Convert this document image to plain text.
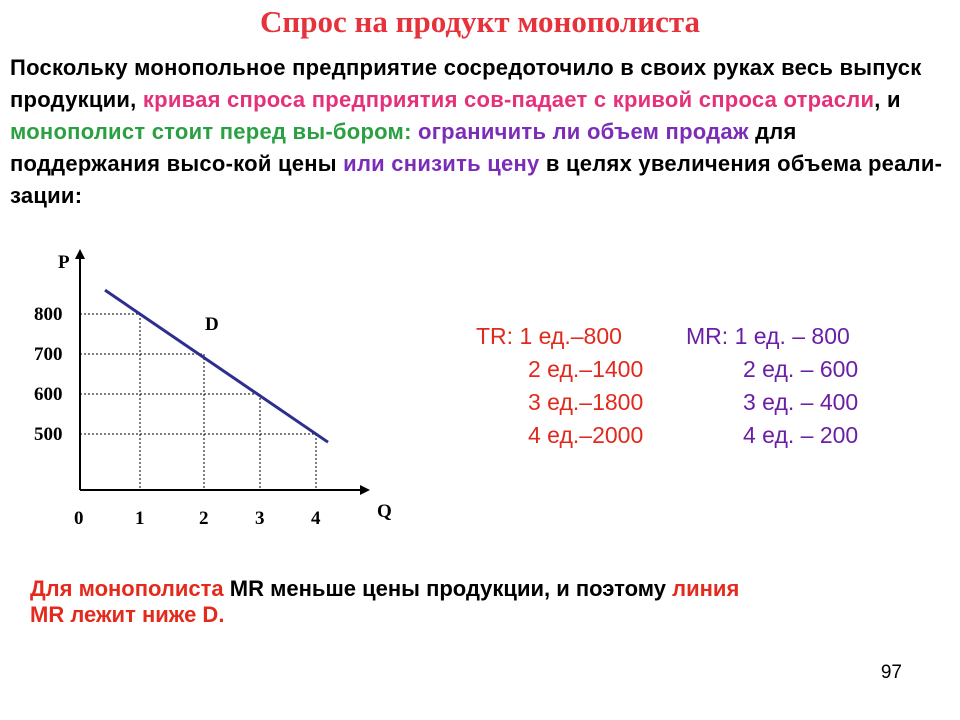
Спрос на продукт монополиста
Поскольку монопольное предприятие сосредоточило в своих руках весь выпуск продукции, кривая спроса предприятия сов-падает с кривой спроса отрасли, и монополист стоит перед вы-бором: ограничить ли объем продаж для поддержания высо-кой цены или снизить цену в целях увеличения объема реали-зации:
P
Q
D
800
700
600
500
0	1	2 3 4
TR: 1 ед.–800
2 ед.–1400
3 ед.–1800
4 ед.–2000
MR: 1 ед. – 800
2 ед. – 600
3 ед. – 400
4 ед. – 200
Для монополиста MR меньше цены продукции, и поэтому линия
MR лежит ниже D.
97
